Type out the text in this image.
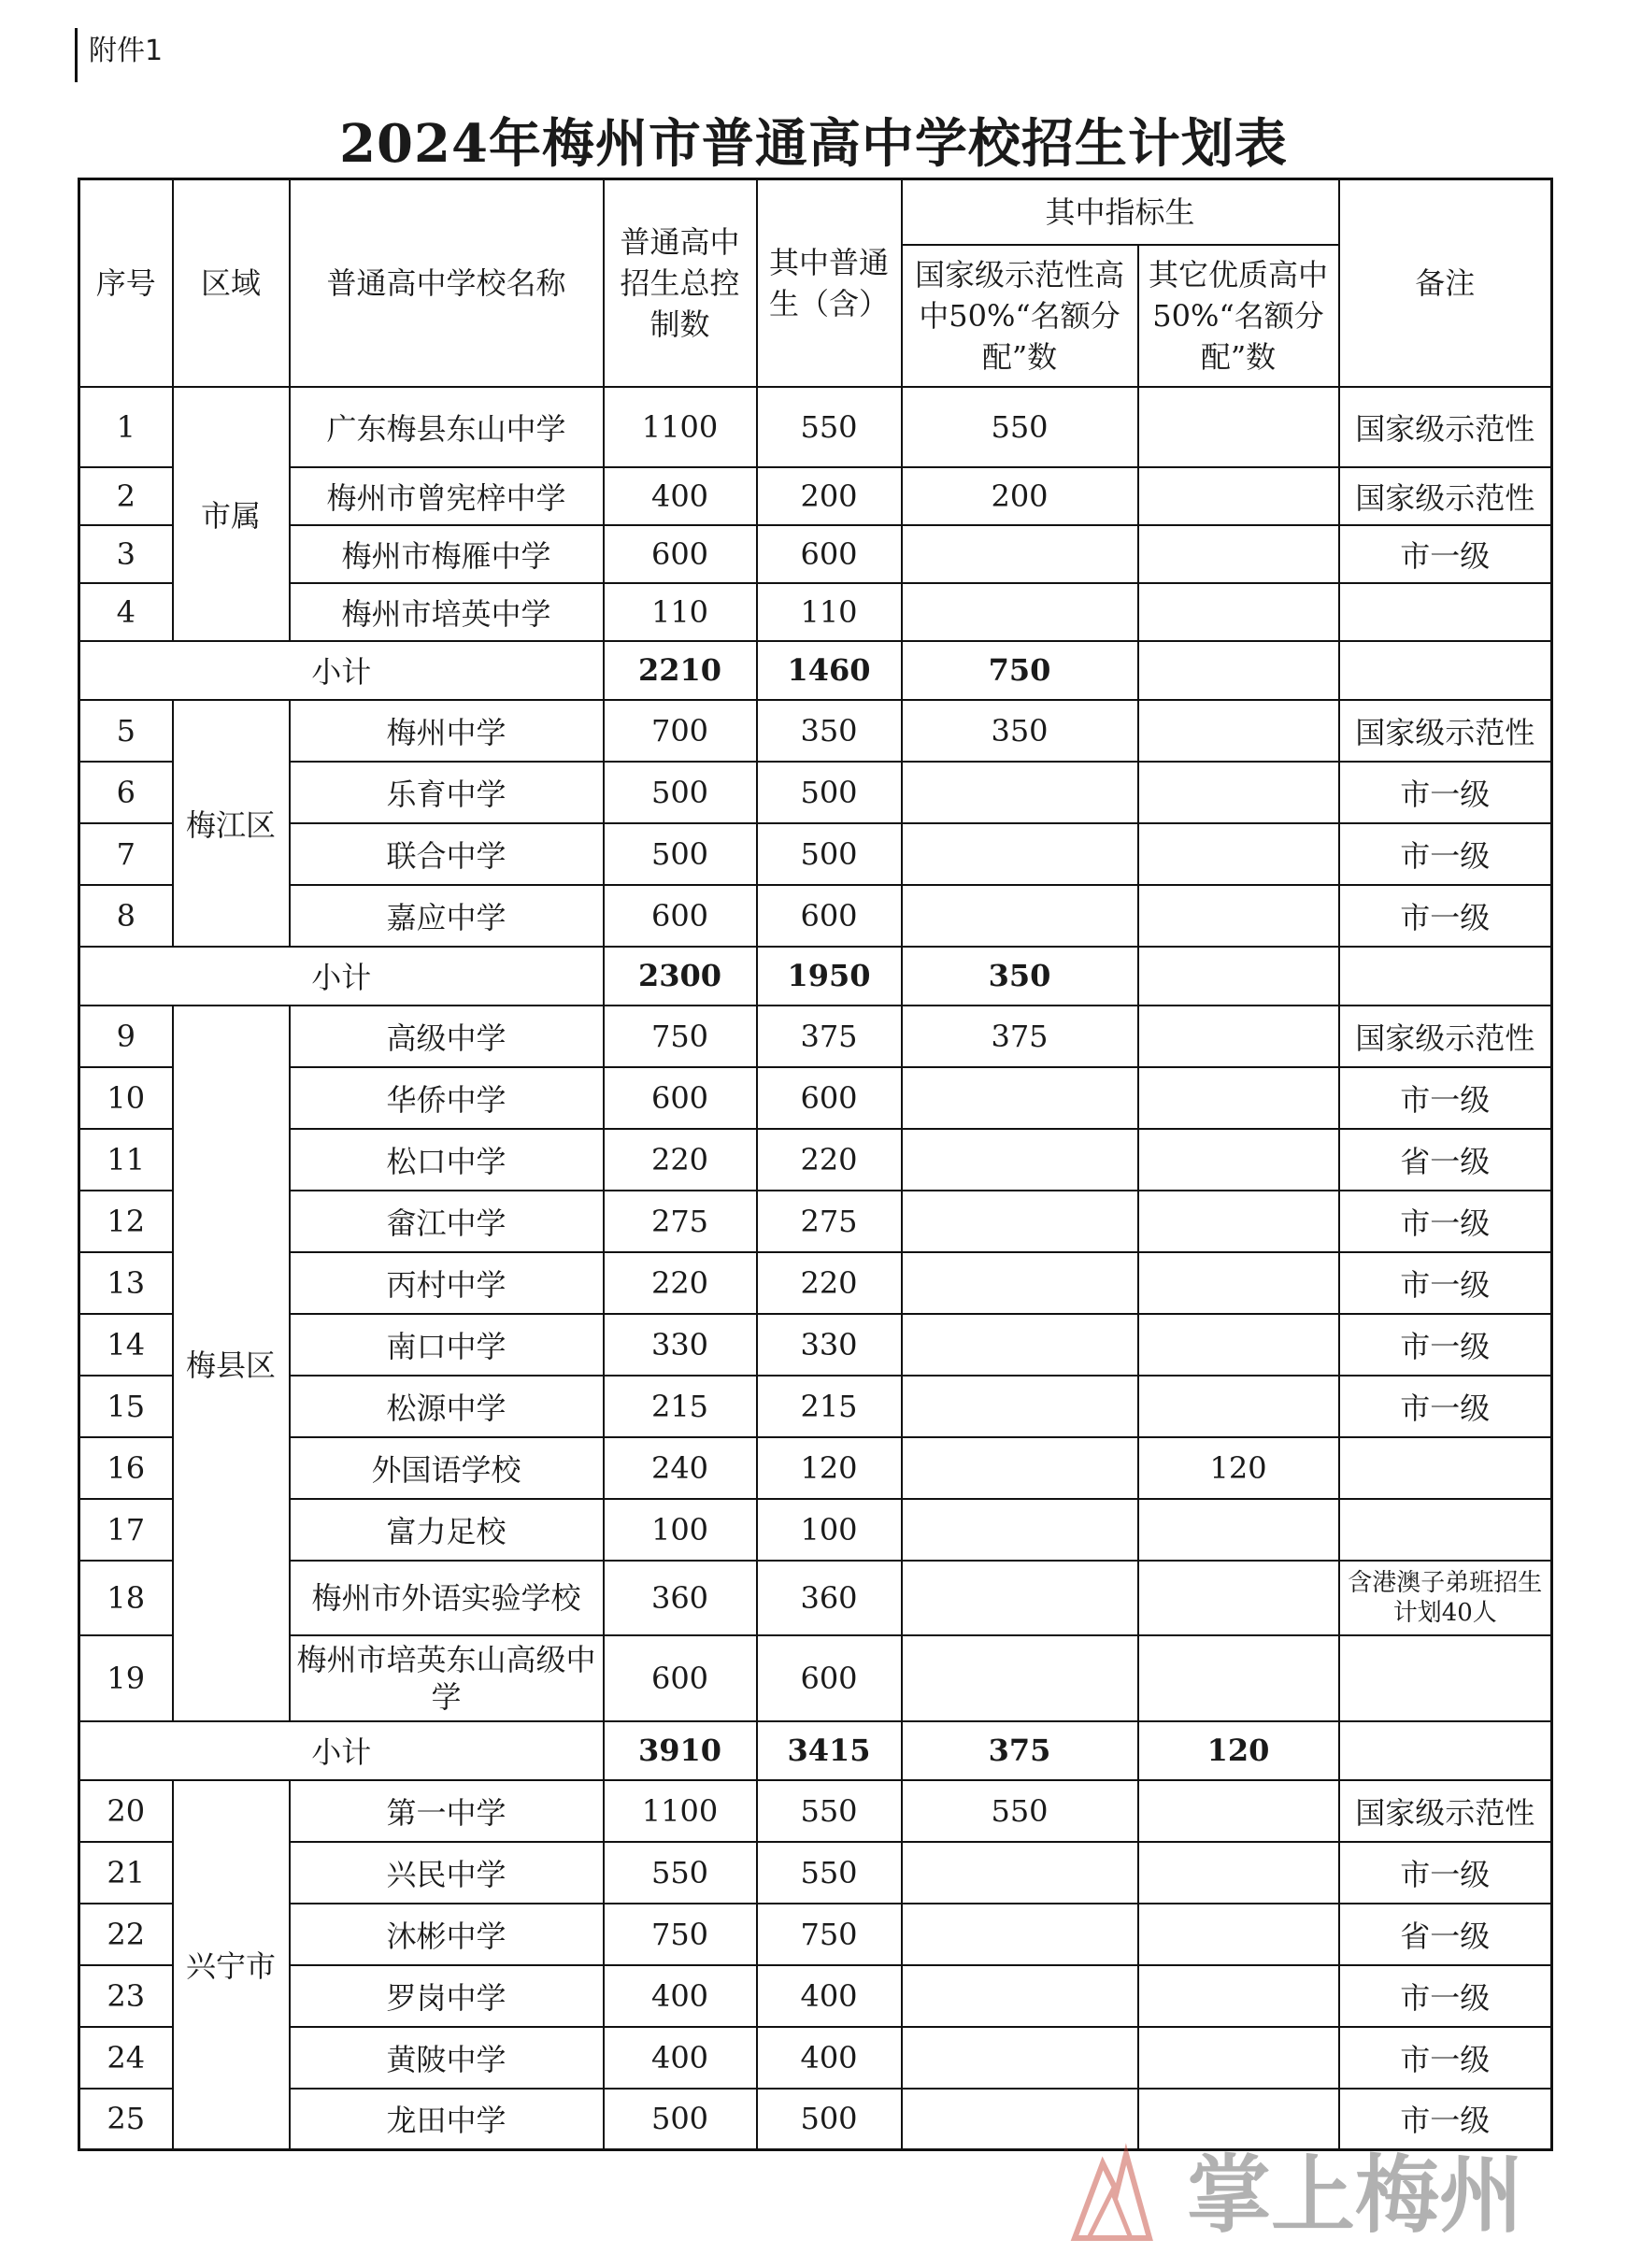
附件1
2024年梅州市普通高中学校招生计划表
序号	区域	普通高中学校名称	普通高中招生总控制数	其中普通生（含）	其中指标生		备注
					国家级示范性高中50%“名额分配”数	其它优质高中50%“名额分配”数	
1	市属	广东梅县东山中学	1100	550	550		国家级示范性
2		梅州市曾宪梓中学	400	200	200		国家级示范性
3		梅州市梅雁中学	600	600			市一级
4		梅州市培英中学	110	110			
小计			2210	1460	750		
5	梅江区	梅州中学	700	350	350		国家级示范性
6		乐育中学	500	500			市一级
7		联合中学	500	500			市一级
8		嘉应中学	600	600			市一级
小计			2300	1950	350		
9	梅县区	高级中学	750	375	375		国家级示范性
10		华侨中学	600	600			市一级
11		松口中学	220	220			省一级
12		畲江中学	275	275			市一级
13		丙村中学	220	220			市一级
14		南口中学	330	330			市一级
15		松源中学	215	215			市一级
16		外国语学校	240	120		120	
17		富力足校	100	100			
18		梅州市外语实验学校	360	360			含港澳子弟班招生计划40人
19		梅州市培英东山高级中学	600	600			
小计			3910	3415	375	120	
20	兴宁市	第一中学	1100	550	550		国家级示范性
21		兴民中学	550	550			市一级
22		沐彬中学	750	750			省一级
23		罗岗中学	400	400			市一级
24		黄陂中学	400	400			市一级
25		龙田中学	500	500			市一级
掌上梅州
